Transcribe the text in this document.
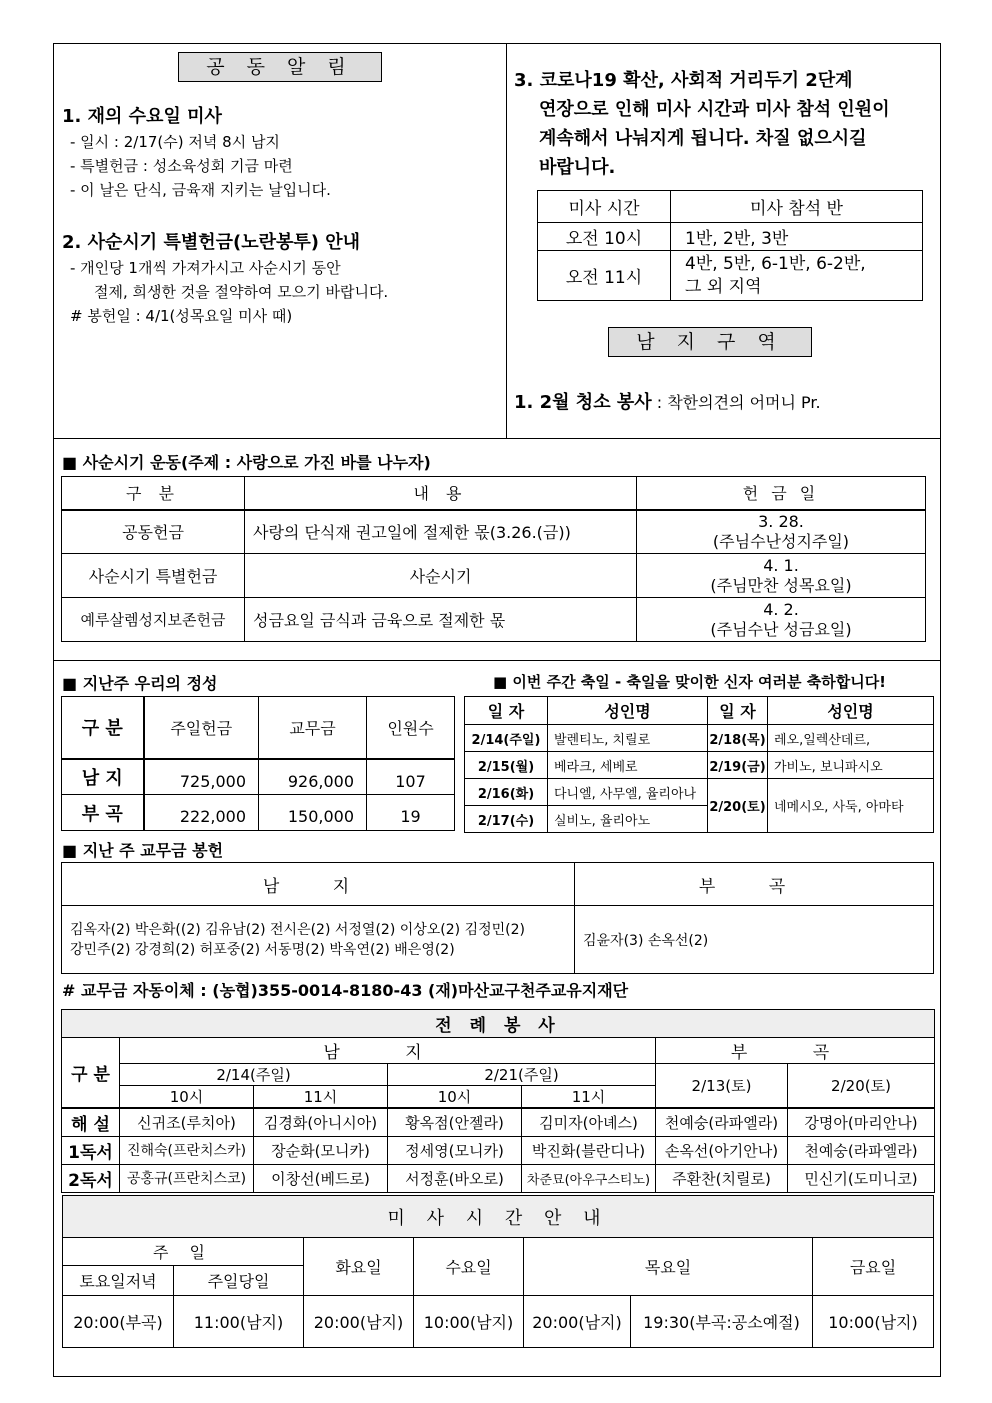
공 동 알 림
1. 재의 수요일 미사
- 일시 : 2/17(수) 저녁 8시 남지
- 특별헌금 : 성소육성회 기금 마련
- 이 날은 단식, 금육재 지키는 날입니다.
2. 사순시기 특별헌금(노란봉투) 안내
- 개인당 1개씩 가져가시고 사순시기 동안
절제, 희생한 것을 절약하여 모으기 바랍니다.
# 봉헌일 : 4/1(성목요일 미사 때)
3. 코로나19 확산, 사회적 거리두기 2단계
연장으로 인해 미사 시간과 미사 참석 인원이
계속해서 나눠지게 됩니다. 차질 없으시길
바랍니다.
미사 시간	미사 참석 반
오전 10시	1반, 2반, 3반
오전 11시	4반, 5반, 6-1반, 6-2반,
그 외 지역
남 지 구 역
1. 2월 청소 봉사 : 착한의견의 어머니 Pr.
■ 사순시기 운동(주제 : 사랑으로 가진 바를 나누자)
구 분	내 용	헌 금 일
공동헌금	사랑의 단식재 권고일에 절제한 몫(3.26.(금))	3. 28.
(주님수난성지주일)

사순시기 특별헌금	사순시기	4. 1.
(주님만찬 성목요일)

예루살렘성지보존헌금	성금요일 금식과 금육으로 절제한 몫	4. 2.
(주님수난 성금요일)
■ 지난주 우리의 정성
구 분	주일헌금	교무금	인원수
남 지	725,000	926,000	107
부 곡	222,000	150,000	19
■ 이번 주간 축일 - 축일을 맞이한 신자 여러분 축하합니다!
일 자	성인명	일 자	성인명
2/14(주일)	발렌티노, 치릴로	2/18(목)	레오,일렉산데르,
2/15(월)	베라크, 세베로	2/19(금)	가비노, 보니파시오
2/16(화)	다니엘, 사무엘, 율리아나	2/20(토)	네메시오, 사둑, 아마타
2/17(수)	실비노, 율리아노		
■ 지난 주 교무금 봉헌
남 지	부 곡

김옥자(2) 박은화((2) 김유남(2) 전시은(2) 서정열(2) 이상오(2) 김정민(2)
강민주(2) 강경희(2) 허포중(2) 서동명(2) 박옥연(2) 배은영(2)	김윤자(3) 손옥선(2)
# 교무금 자동이체 : (농협)355-0014-8180-43 (재)마산교구천주교유지재단
전 례 봉 사						
구 분	남 지				부 곡	
	2/14(주일)		2/21(주일)		2/13(토)	2/20(토)
	10시	11시	10시	11시		
해 설	신귀조(루치아)	김경화(아니시아)	황옥점(안젤라)	김미자(아녜스)	천예숭(라파엘라)	강명아(마리안나)
1독서	진해숙(프란치스카)	장순화(모니카)	정세영(모니카)	박진화(블란디나)	손옥선(아기안나)	천예숭(라파엘라)
2독서	공홍규(프란치스코)	이창선(베드로)	서정훈(바오로)	차준묘(아우구스티노)	주환찬(치릴로)	민신기(도미니코)
미 사 시 간 안 내						
주 일		화요일	수요일	목요일		금요일
토요일저녁	주일당일					
20:00(부곡)	11:00(남지)	20:00(남지)	10:00(남지)	20:00(남지)	19:30(부곡:공소예절)	10:00(남지)
